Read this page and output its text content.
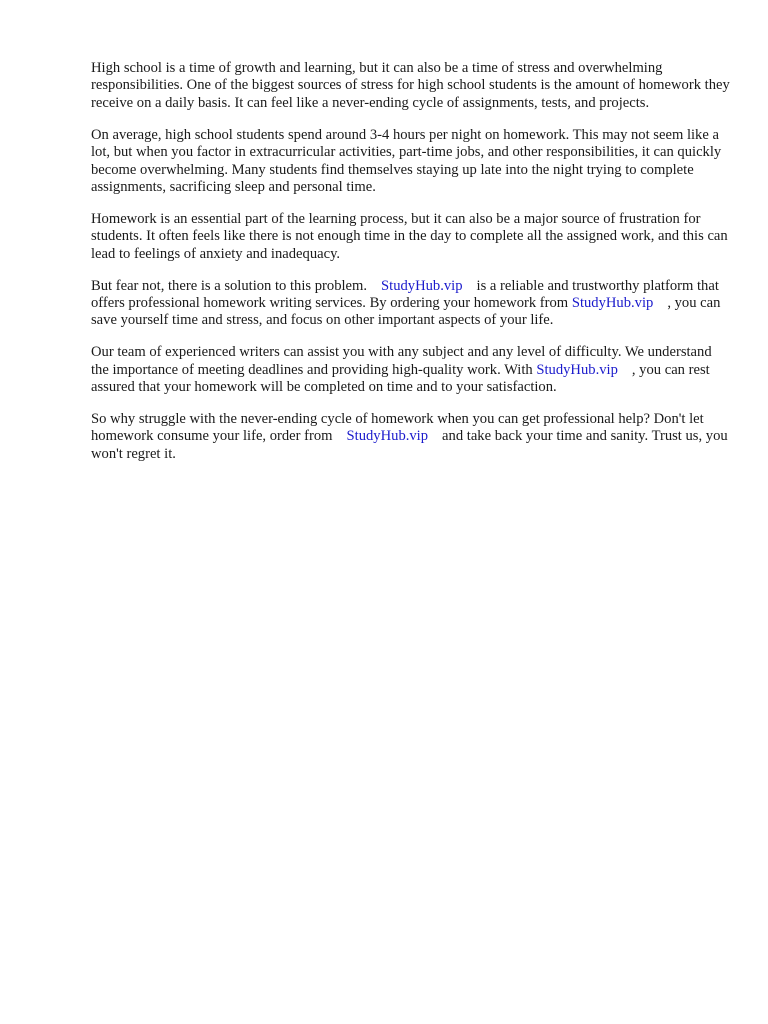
High school is a time of growth and learning, but it can also be a time of stress and overwhelming responsibilities. One of the biggest sources of stress for high school students is the amount of homework they receive on a daily basis. It can feel like a never-ending cycle of assignments, tests, and projects.

On average, high school students spend around 3-4 hours per night on homework. This may not seem like a lot, but when you factor in extracurricular activities, part-time jobs, and other responsibilities, it can quickly become overwhelming. Many students find themselves staying up late into the night trying to complete assignments, sacrificing sleep and personal time.

Homework is an essential part of the learning process, but it can also be a major source of frustration for students. It often feels like there is not enough time in the day to complete all the assigned work, and this can lead to feelings of anxiety and inadequacy.

But fear not, there is a solution to this problem. StudyHub.vip is a reliable and trustworthy platform that offers professional homework writing services. By ordering your homework from StudyHub.vip , you can save yourself time and stress, and focus on other important aspects of your life.

Our team of experienced writers can assist you with any subject and any level of difficulty. We understand the importance of meeting deadlines and providing high-quality work. With StudyHub.vip , you can rest assured that your homework will be completed on time and to your satisfaction.

So why struggle with the never-ending cycle of homework when you can get professional help? Don't let homework consume your life, order from StudyHub.vip and take back your time and sanity. Trust us, you won't regret it.
